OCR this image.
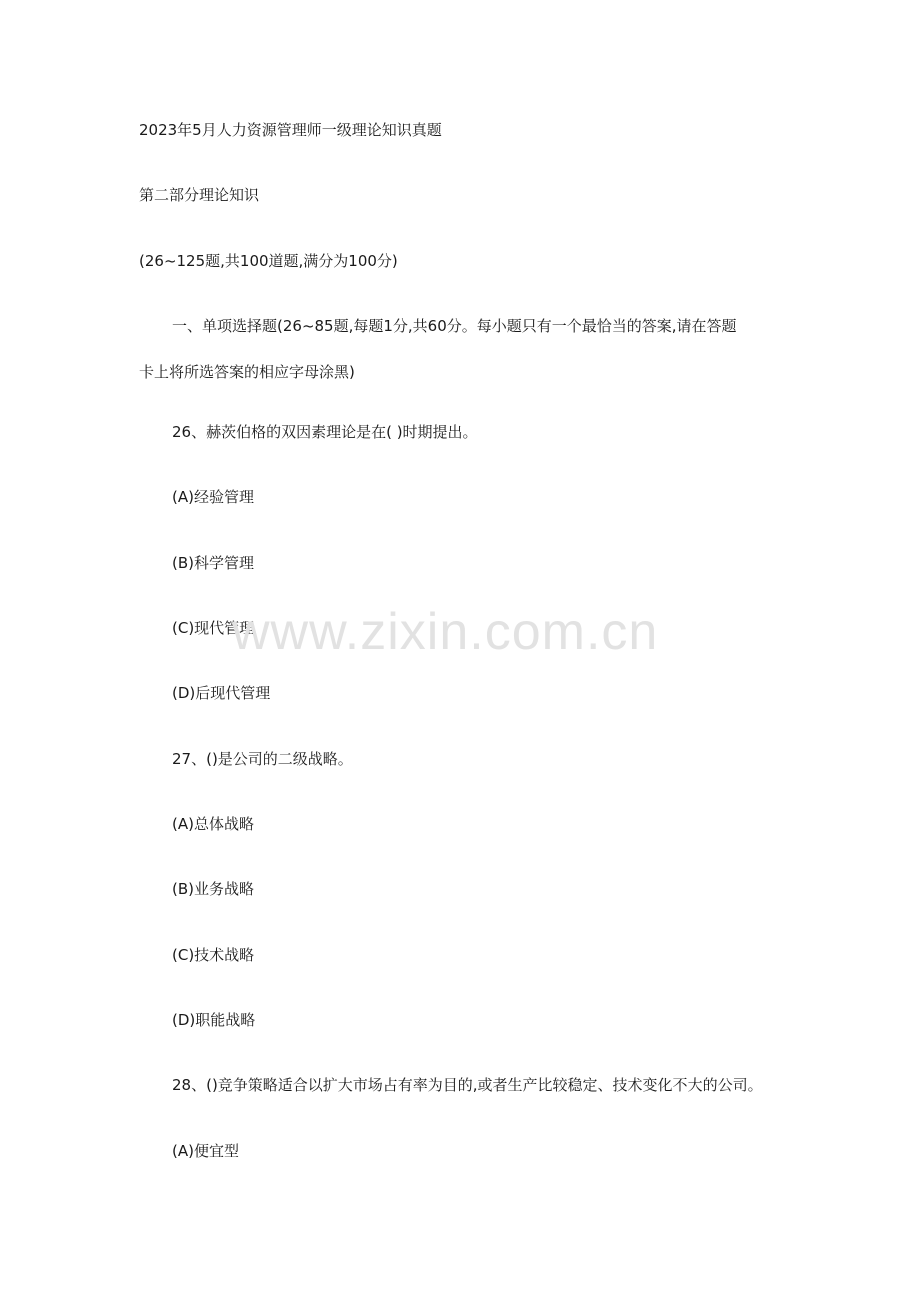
2023年5月人力资源管理师一级理论知识真题
第二部分理论知识
(26~125题,共100道题,满分为100分)
一、单项选择题(26~85题,每题1分,共60分。每小题只有一个最恰当的答案,请在答题
卡上将所选答案的相应字母涂黑)
26、赫茨伯格的双因素理论是在( )时期提出。
(A)经验管理
(B)科学管理
(C)现代管理
(D)后现代管理
27、()是公司的二级战略。
(A)总体战略
(B)业务战略
(C)技术战略
(D)职能战略
28、()竞争策略适合以扩大市场占有率为目的,或者生产比较稳定、技术变化不大的公司。
(A)便宜型
www.zixin.com.cn
